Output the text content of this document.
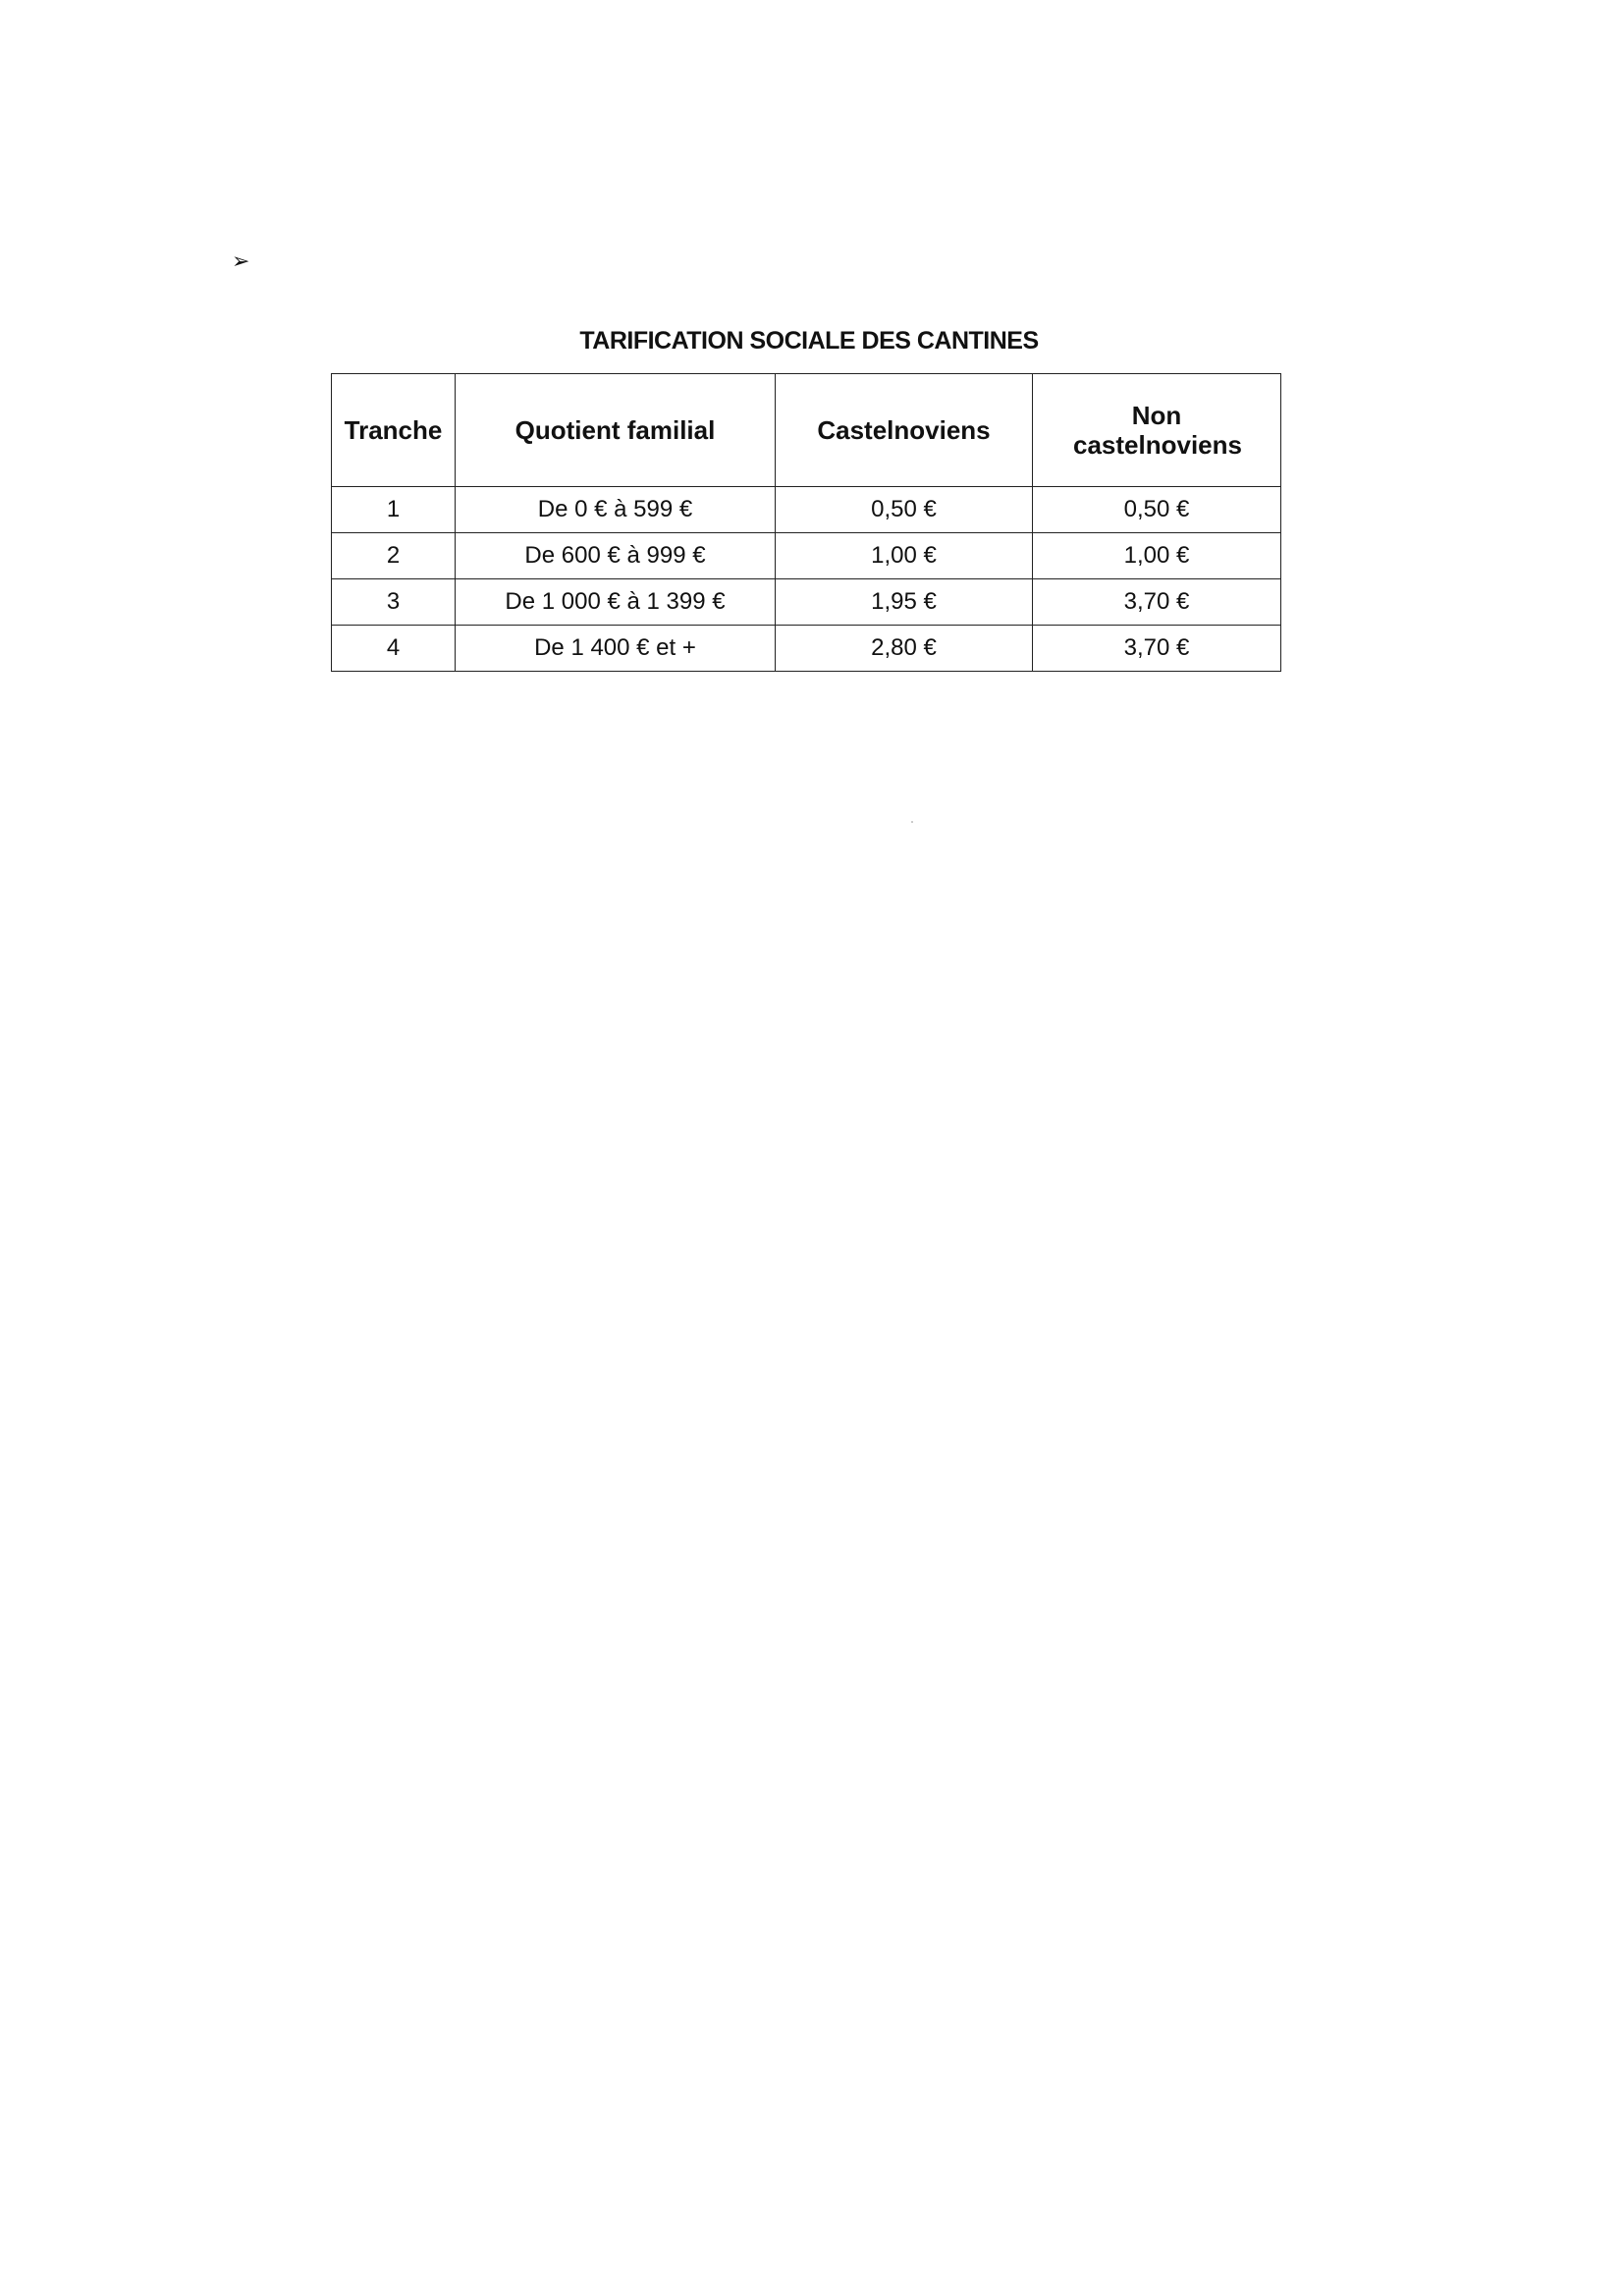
➢
TARIFICATION SOCIALE DES CANTINES
Tranche	Quotient familial	Castelnoviens	Non castelnoviens
1	De 0 € à 599 €	0,50 €	0,50 €
2	De 600 € à 999 €	1,00 €	1,00 €
3	De 1 000 € à 1 399 €	1,95 €	3,70 €
4	De 1 400 € et +	2,80 €	3,70 €
